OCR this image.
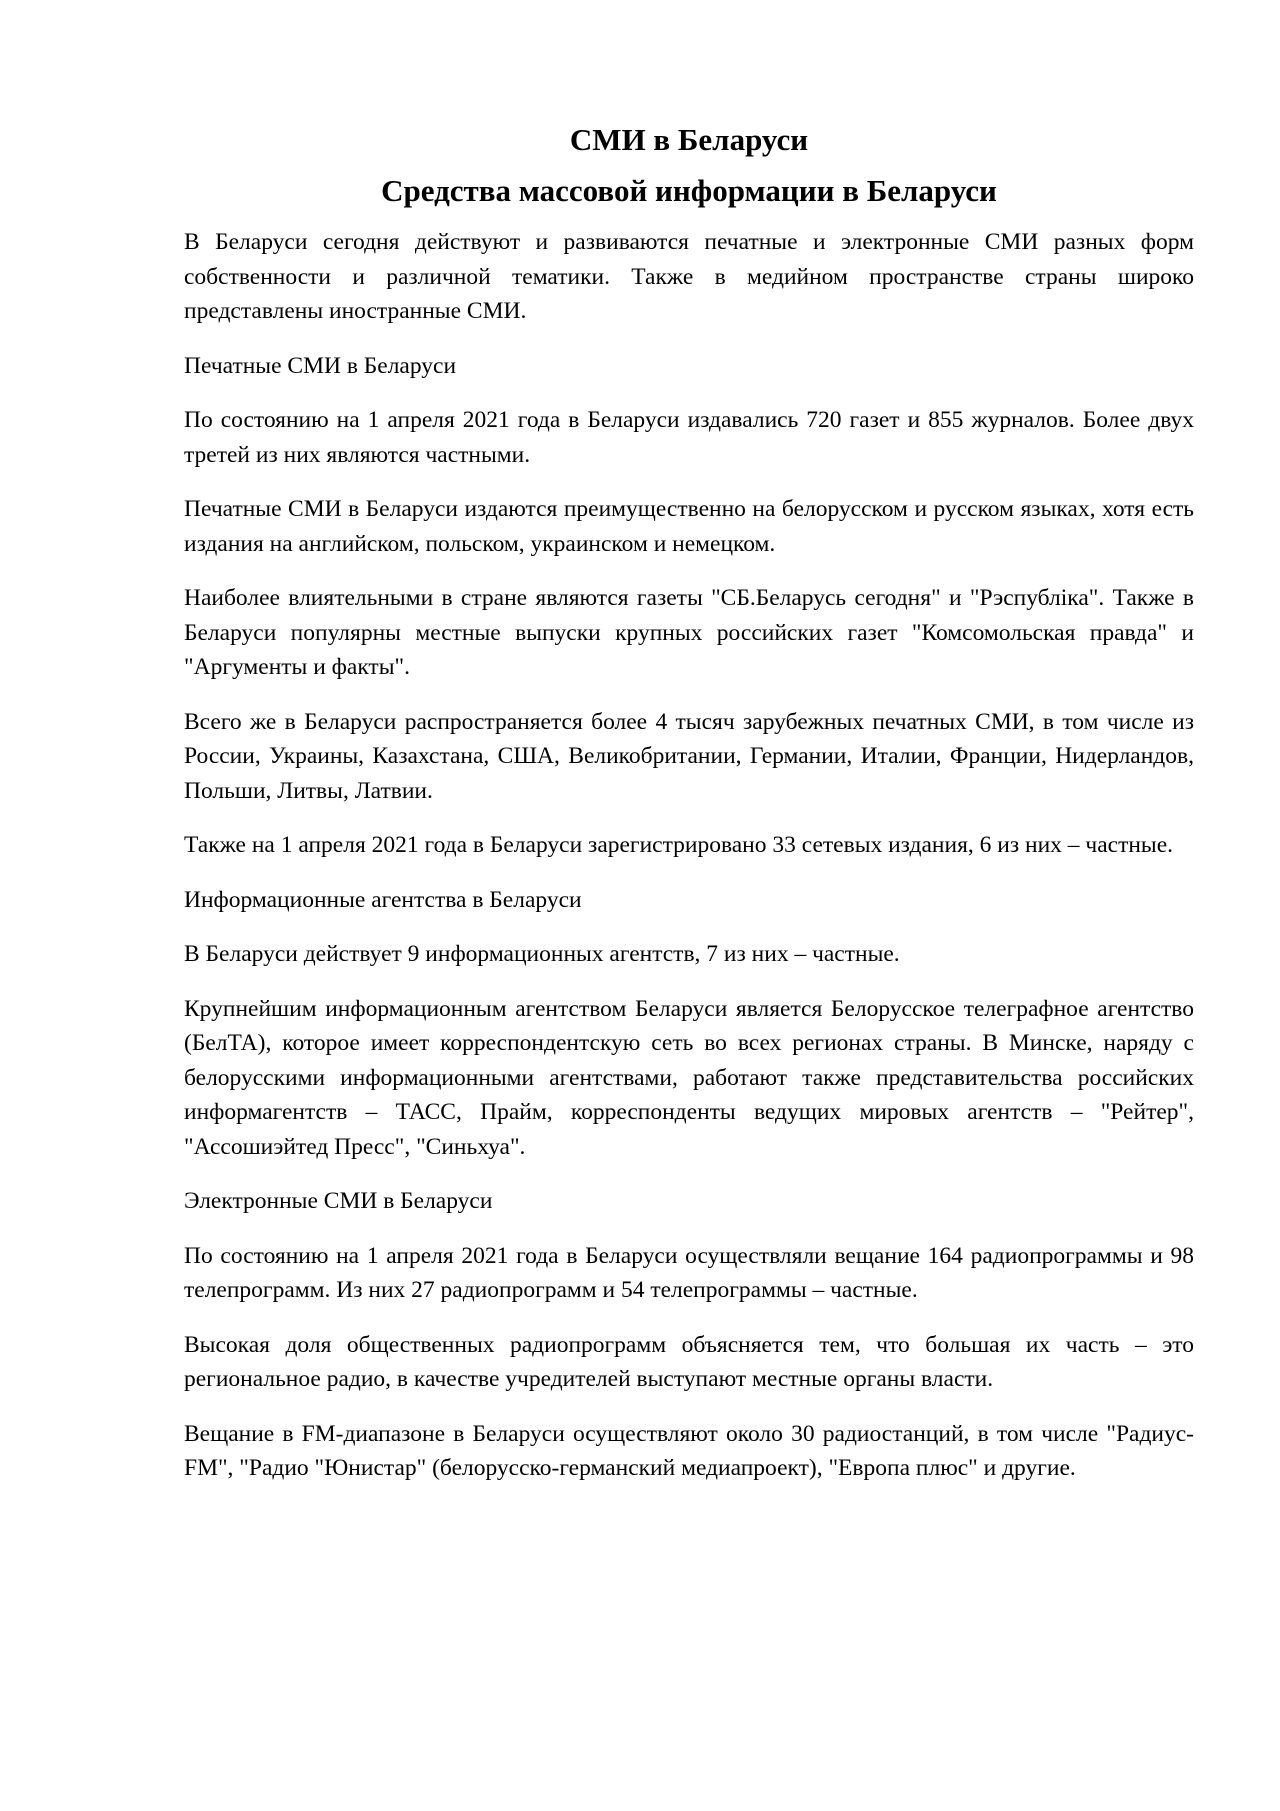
СМИ в Беларуси
Средства массовой информации в Беларуси

В Беларуси сегодня действуют и развиваются печатные и электронные СМИ разных форм собственности и различной тематики. Также в медийном пространстве страны широко представлены иностранные СМИ.

Печатные СМИ в Беларуси

По состоянию на 1 апреля 2021 года в Беларуси издавались 720 газет и 855 журналов. Более двух третей из них являются частными.

Печатные СМИ в Беларуси издаются преимущественно на белорусском и русском языках, хотя есть издания на английском, польском, украинском и немецком.

Наиболее влиятельными в стране являются газеты "СБ.Беларусь сегодня" и "Рэспубліка". Также в Беларуси популярны местные выпуски крупных российских газет "Комсомольская правда" и "Аргументы и факты".

Всего же в Беларуси распространяется более 4 тысяч зарубежных печатных СМИ, в том числе из России, Украины, Казахстана, США, Великобритании, Германии, Италии, Франции, Нидерландов, Польши, Литвы, Латвии.

Также на 1 апреля 2021 года в Беларуси зарегистрировано 33 сетевых издания, 6 из них – частные.

Информационные агентства в Беларуси

В Беларуси действует 9 информационных агентств, 7 из них – частные.

Крупнейшим информационным агентством Беларуси является Белорусское телеграфное агентство (БелТА), которое имеет корреспондентскую сеть во всех регионах страны. В Минске, наряду с белорусскими информационными агентствами, работают также представительства российских информагентств – ТАСС, Прайм, корреспонденты ведущих мировых агентств – "Рейтер", "Ассошиэйтед Пресс", "Синьхуа".

Электронные СМИ в Беларуси

По состоянию на 1 апреля 2021 года в Беларуси осуществляли вещание 164 радиопрограммы и 98 телепрограмм. Из них 27 радиопрограмм и 54 телепрограммы – частные.

Высокая доля общественных радиопрограмм объясняется тем, что большая их часть – это региональное радио, в качестве учредителей выступают местные органы власти.

Вещание в FM-диапазоне в Беларуси осуществляют около 30 радиостанций, в том числе "Радиус-FM", "Радио "Юнистар" (белорусско-германский медиапроект), "Европа плюс" и другие.
